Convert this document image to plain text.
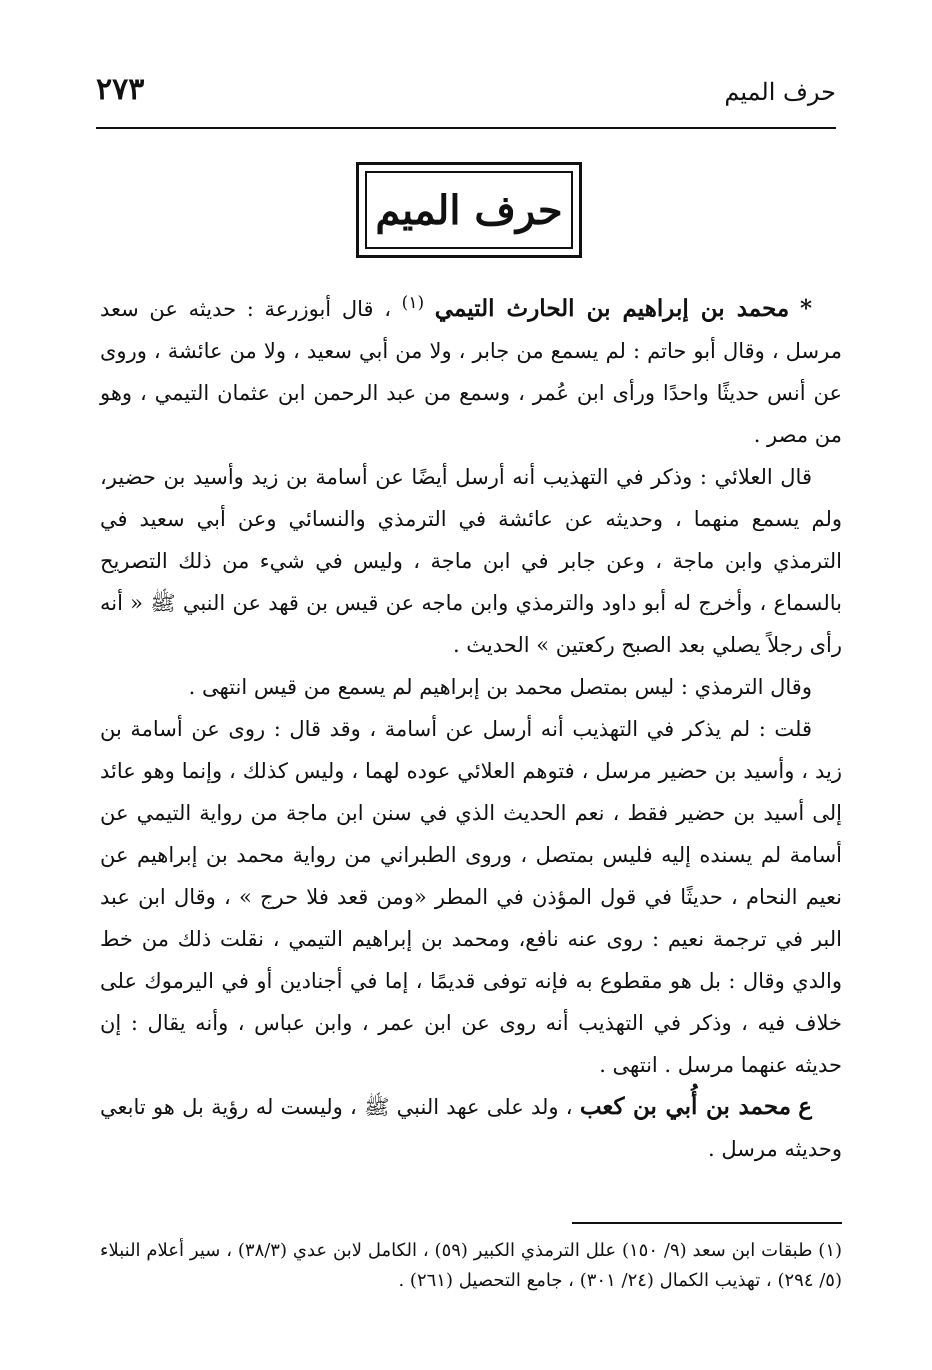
حرف الميم
٢٧٣
حرف الميم

* محمد بن إبراهيم بن الحارث التيمي $^{(١)}$ ، قال أبوزرعة : حديثه عن سعد مرسل ، وقال أبو حاتم : لم يسمع من جابر ، ولا من أبي سعيد ، ولا من عائشة ، وروى عن أنس حديثًا واحدًا ورأى ابن عُمر ، وسمع من عبد الرحمن ابن عثمان التيمي ، وهو من مصر .

قال العلائي : وذكر في التهذيب أنه أرسل أيضًا عن أسامة بن زيد وأسيد بن حضير، ولم يسمع منهما ، وحديثه عن عائشة في الترمذي والنسائي وعن أبي سعيد في الترمذي وابن ماجة ، وعن جابر في ابن ماجة ، وليس في شيء من ذلك التصريح بالسماع ، وأخرج له أبو داود والترمذي وابن ماجه عن قيس بن قهد عن النبي ﷺ « أنه رأى رجلاً يصلي بعد الصبح ركعتين » الحديث .

وقال الترمذي : ليس بمتصل محمد بن إبراهيم لم يسمع من قيس انتهى .

قلت : لم يذكر في التهذيب أنه أرسل عن أسامة ، وقد قال : روى عن أسامة بن زيد ، وأسيد بن حضير مرسل ، فتوهم العلائي عوده لهما ، وليس كذلك ، وإنما وهو عائد إلى أسيد بن حضير فقط ، نعم الحديث الذي في سنن ابن ماجة من رواية التيمي عن أسامة لم يسنده إليه فليس بمتصل ، وروى الطبراني من رواية محمد بن إبراهيم عن نعيم النحام ، حديثًا في قول المؤذن في المطر «ومن قعد فلا حرج » ، وقال ابن عبد البر في ترجمة نعيم : روى عنه نافع، ومحمد بن إبراهيم التيمي ، نقلت ذلك من خط والدي وقال : بل هو مقطوع به فإنه توفى قديمًا ، إما في أجنادين أو في اليرموك على خلاف فيه ، وذكر في التهذيب أنه روى عن ابن عمر ، وابن عباس ، وأنه يقال : إن حديثه عنهما مرسل . انتهى .

ع محمد بن أُبي بن كعب ، ولد على عهد النبي ﷺ ، وليست له رؤية بل هو تابعي وحديثه مرسل .

(١) طبقات ابن سعد (٩/ ١٥٠) علل الترمذي الكبير (٥٩) ، الكامل لابن عدي (٣٨/٣) ، سير أعلام النبلاء (٥/ ٢٩٤) ، تهذيب الكمال (٢٤/ ٣٠١) ، جامع التحصيل (٢٦١) .
